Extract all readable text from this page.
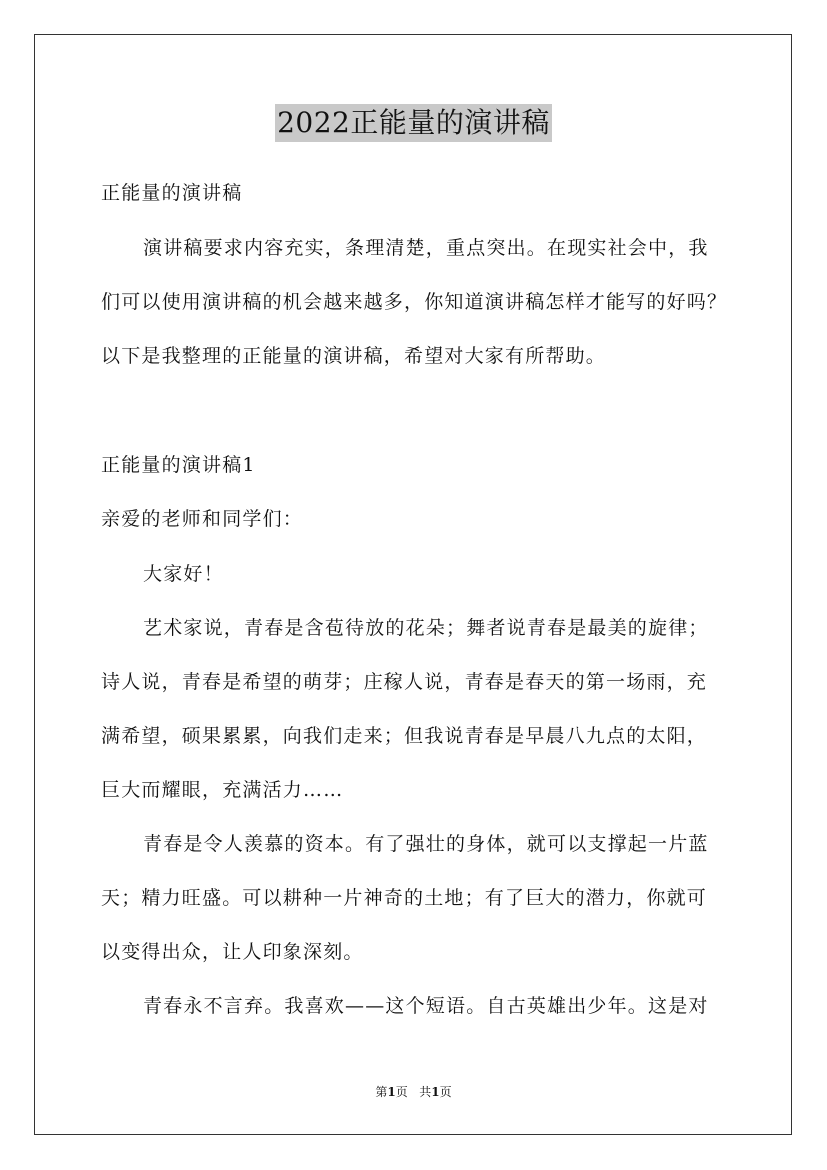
2022正能量的演讲稿
正能量的演讲稿
演讲稿要求内容充实，条理清楚，重点突出。在现实社会中，我
们可以使用演讲稿的机会越来越多，你知道演讲稿怎样才能写的好吗？
以下是我整理的正能量的演讲稿，希望对大家有所帮助。
正能量的演讲稿1
亲爱的老师和同学们：
大家好！
艺术家说，青春是含苞待放的花朵；舞者说青春是最美的旋律；
诗人说，青春是希望的萌芽；庄稼人说，青春是春天的第一场雨，充
满希望，硕果累累，向我们走来；但我说青春是早晨八九点的太阳，
巨大而耀眼，充满活力……
青春是令人羡慕的资本。有了强壮的身体，就可以支撑起一片蓝
天；精力旺盛。可以耕种一片神奇的土地；有了巨大的潜力，你就可
以变得出众，让人印象深刻。
青春永不言弃。我喜欢——这个短语。自古英雄出少年。这是对
第1页 共1页
